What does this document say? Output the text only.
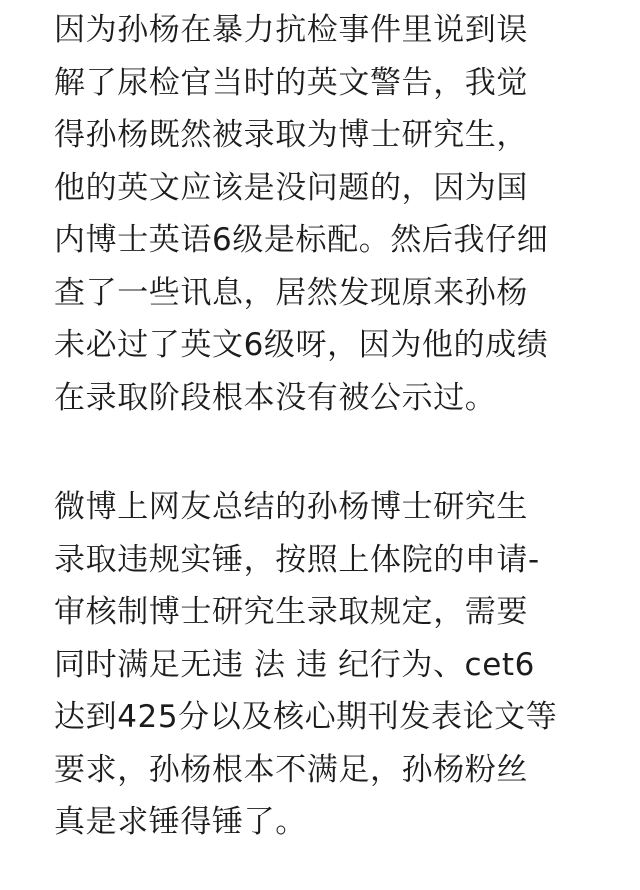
因为孙杨在暴力抗检事件里说到误
解了尿检官当时的英文警告，我觉
得孙杨既然被录取为博士研究生，
他的英文应该是没问题的，因为国
内博士英语6级是标配。然后我仔细
查了一些讯息，居然发现原来孙杨
未必过了英文6级呀，因为他的成绩
在录取阶段根本没有被公示过。
微博上网友总结的孙杨博士研究生
录取违规实锤，按照上体院的申请-
审核制博士研究生录取规定，需要
同时满足无违 法 违 纪行为、cet6
达到425分以及核心期刊发表论文等
要求，孙杨根本不满足，孙杨粉丝
真是求锤得锤了。
